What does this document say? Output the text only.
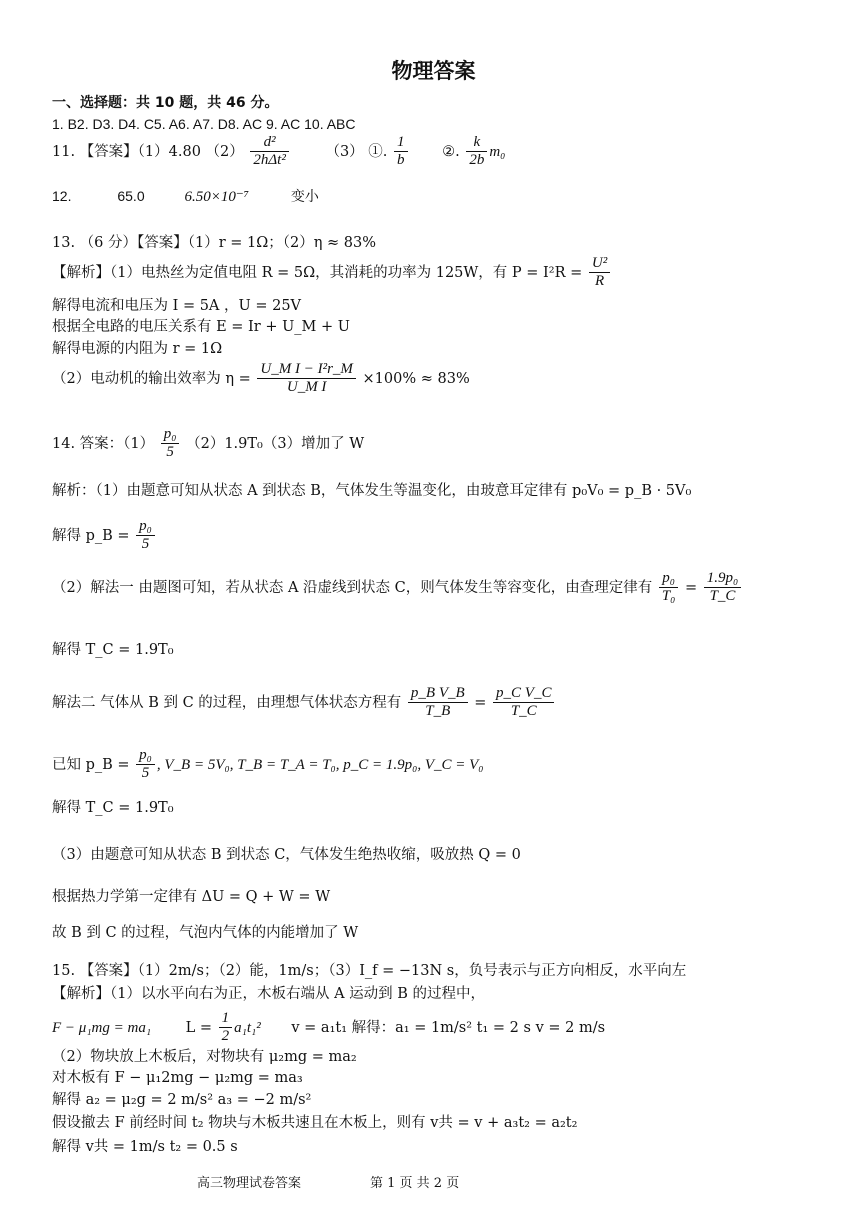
物理答案
一、选择题：共 10 题，共 46 分。
1. B2. D3. D4. C5. A6. A7. D8. AC 9. AC 10. ABC
11. 【答案】（1）4.80 $(2) \frac{\text{d²}}{\text{2hΔt²}}$	（3） ①. $\frac{1}{b}$ ②. $\frac{k}{2b} m_0$
12.	65.0	6.50×10⁻⁷	变小
13. （6 分）【答案】（1）r = 1Ω；（2）η ≈ 83%
【解析】（1）电热丝为定值电阻 R = 5Ω，其消耗的功率为 125W，有 $P = I^2R = \frac{\text{U²}}{R}$
解得电流和电压为 I = 5A ，U = 25V
根据全电路的电压关系有 E = Ir + U_M + U
解得电源的内阻为 r = 1Ω
（2）电动机的输出效率为 $\eta = \frac{\text{U\_M I − I²r\_M}}{\text{U\_M I}} \times 100\% \approx 83\%$
14. 答案：$(1) \frac{\text{p₀}}{5} (2)1.9T_0(3)$增加了 W
解析：（1）由题意可知从状态 A 到状态 B，气体发生等温变化，由玻意耳定律有 p₀V₀ = p_B · 5V₀
解得 p_B = $\frac{\text{p₀}}{5}$
（2）解法一 由题图可知，若从状态 A 沿虚线到状态 C，则气体发生等容变化，由查理定律有 $\frac{\text{p₀}}{\text{T₀}} = \frac{\text{1.9p₀}}{T\_C}$
解得 T_C = 1.9T₀
解法二 气体从 B 到 C 的过程，由理想气体状态方程有 $\frac{\text{p\_B V\_B}}{T\_B} = \frac{\text{p\_C V\_C}}{T\_C}$
已知 p_B = $\frac{\text{p₀}}{5}$ , V_B = 5V₀, T_B = T_A = T₀, p_C = 1.9p₀, V_C = V₀
解得 T_C = 1.9T₀
（3）由题意可知从状态 B 到状态 C，气体发生绝热收缩，吸放热 Q = 0
根据热力学第一定律有 ΔU = Q + W = W
故 B 到 C 的过程，气泡内气体的内能增加了 W
15. 【答案】（1）2m/s；（2）能，1m/s；（3）I_f = −13N s，负号表示与正方向相反，水平向左
【解析】（1）以水平向右为正，木板右端从 A 运动到 B 的过程中，
F − μ₁mg = ma₁ $L = \frac{1}{2} a_1t_1^2$ v = a₁t₁ 解得：a₁ = 1m/s² t₁ = 2 s v = 2 m/s
（2）物块放上木板后，对物块有 μ₂mg = ma₂
对木板有 F − μ₁2mg − μ₂mg = ma₃
解得 a₂ = μ₂g = 2 m/s² a₃ = −2 m/s²
假设撤去 F 前经时间 t₂ 物块与木板共速且在木板上，则有 v共 = v + a₃t₂ = a₂t₂
解得 v共 = 1m/s t₂ = 0.5 s
高三物理试卷答案	第 1 页 共 2 页
